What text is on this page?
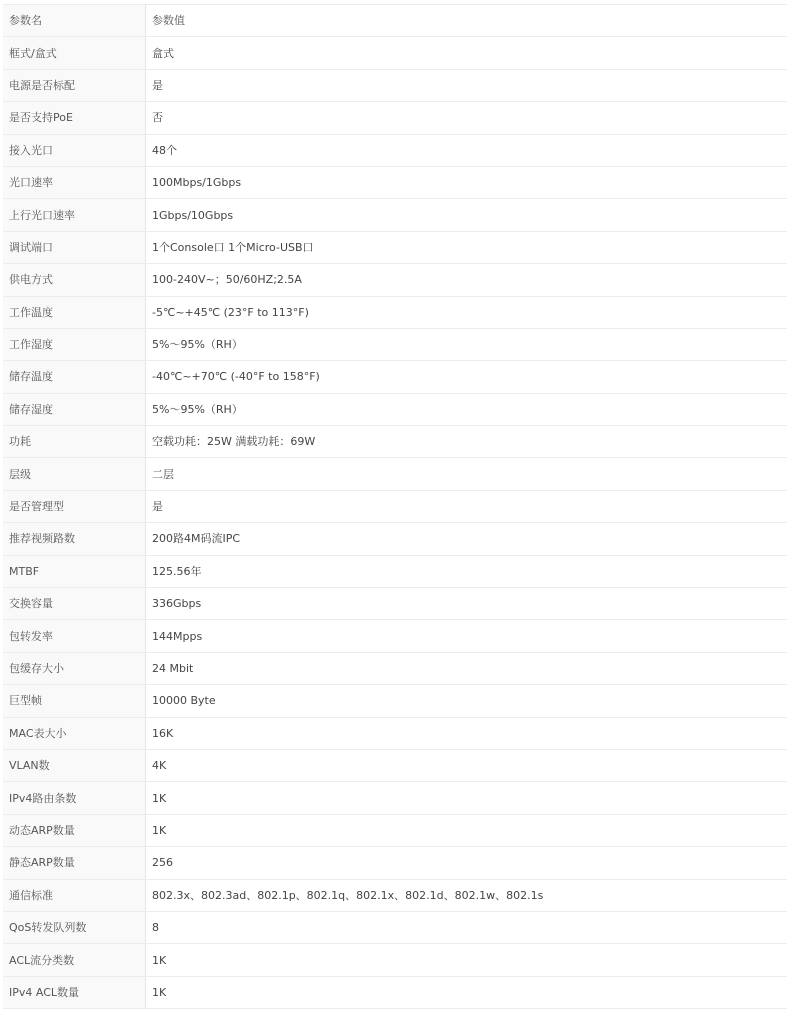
参数名	参数值
框式/盒式	盒式
电源是否标配	是
是否支持PoE	否
接入光口	48个
光口速率	100Mbps/1Gbps
上行光口速率	1Gbps/10Gbps
调试端口	1个Console口 1个Micro-USB口
供电方式	100-240V~；50/60HZ;2.5A
工作温度	-5℃~+45℃ (23°F to 113°F)
工作湿度	5%～95%（RH）
储存温度	-40℃~+70℃ (-40°F to 158°F)
储存湿度	5%～95%（RH）
功耗	空载功耗：25W 满载功耗：69W
层级	二层
是否管理型	是
推荐视频路数	200路4M码流IPC
MTBF	125.56年
交换容量	336Gbps
包转发率	144Mpps
包缓存大小	24 Mbit
巨型帧	10000 Byte
MAC表大小	16K
VLAN数	4K
IPv4路由条数	1K
动态ARP数量	1K
静态ARP数量	256
通信标准	802.3x、802.3ad、802.1p、802.1q、802.1x、802.1d、802.1w、802.1s
QoS转发队列数	8
ACL流分类数	1K
IPv4 ACL数量	1K
